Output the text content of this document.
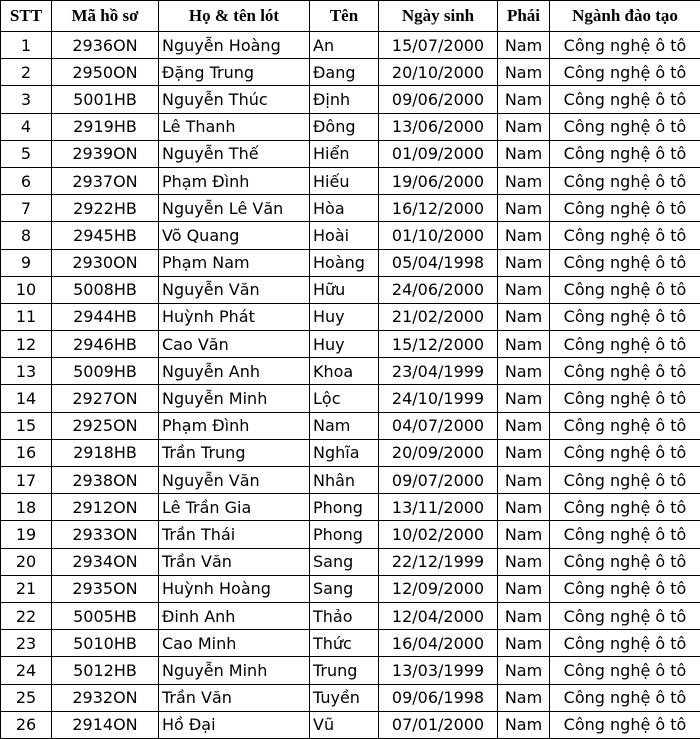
STT	Mã hồ sơ	Họ & tên lót	Tên	Ngày sinh	Phái	Ngành đào tạo
1	2936ON	Nguyễn Hoàng	An	15/07/2000	Nam	Công nghệ ô tô
2	2950ON	Đặng Trung	Đang	20/10/2000	Nam	Công nghệ ô tô
3	5001HB	Nguyễn Thúc	Định	09/06/2000	Nam	Công nghệ ô tô
4	2919HB	Lê Thanh	Đông	13/06/2000	Nam	Công nghệ ô tô
5	2939ON	Nguyễn Thế	Hiển	01/09/2000	Nam	Công nghệ ô tô
6	2937ON	Phạm Đình	Hiếu	19/06/2000	Nam	Công nghệ ô tô
7	2922HB	Nguyễn Lê Văn	Hòa	16/12/2000	Nam	Công nghệ ô tô
8	2945HB	Võ Quang	Hoài	01/10/2000	Nam	Công nghệ ô tô
9	2930ON	Phạm Nam	Hoàng	05/04/1998	Nam	Công nghệ ô tô
10	5008HB	Nguyễn Văn	Hữu	24/06/2000	Nam	Công nghệ ô tô
11	2944HB	Huỳnh Phát	Huy	21/02/2000	Nam	Công nghệ ô tô
12	2946HB	Cao Văn	Huy	15/12/2000	Nam	Công nghệ ô tô
13	5009HB	Nguyễn Anh	Khoa	23/04/1999	Nam	Công nghệ ô tô
14	2927ON	Nguyễn Minh	Lộc	24/10/1999	Nam	Công nghệ ô tô
15	2925ON	Phạm Đình	Nam	04/07/2000	Nam	Công nghệ ô tô
16	2918HB	Trần Trung	Nghĩa	20/09/2000	Nam	Công nghệ ô tô
17	2938ON	Nguyễn Văn	Nhân	09/07/2000	Nam	Công nghệ ô tô
18	2912ON	Lê Trần Gia	Phong	13/11/2000	Nam	Công nghệ ô tô
19	2933ON	Trần Thái	Phong	10/02/2000	Nam	Công nghệ ô tô
20	2934ON	Trần Văn	Sang	22/12/1999	Nam	Công nghệ ô tô
21	2935ON	Huỳnh Hoàng	Sang	12/09/2000	Nam	Công nghệ ô tô
22	5005HB	Đinh Anh	Thảo	12/04/2000	Nam	Công nghệ ô tô
23	5010HB	Cao Minh	Thức	16/04/2000	Nam	Công nghệ ô tô
24	5012HB	Nguyễn Minh	Trung	13/03/1999	Nam	Công nghệ ô tô
25	2932ON	Trần Văn	Tuyền	09/06/1998	Nam	Công nghệ ô tô
26	2914ON	Hồ Đại	Vũ	07/01/2000	Nam	Công nghệ ô tô
